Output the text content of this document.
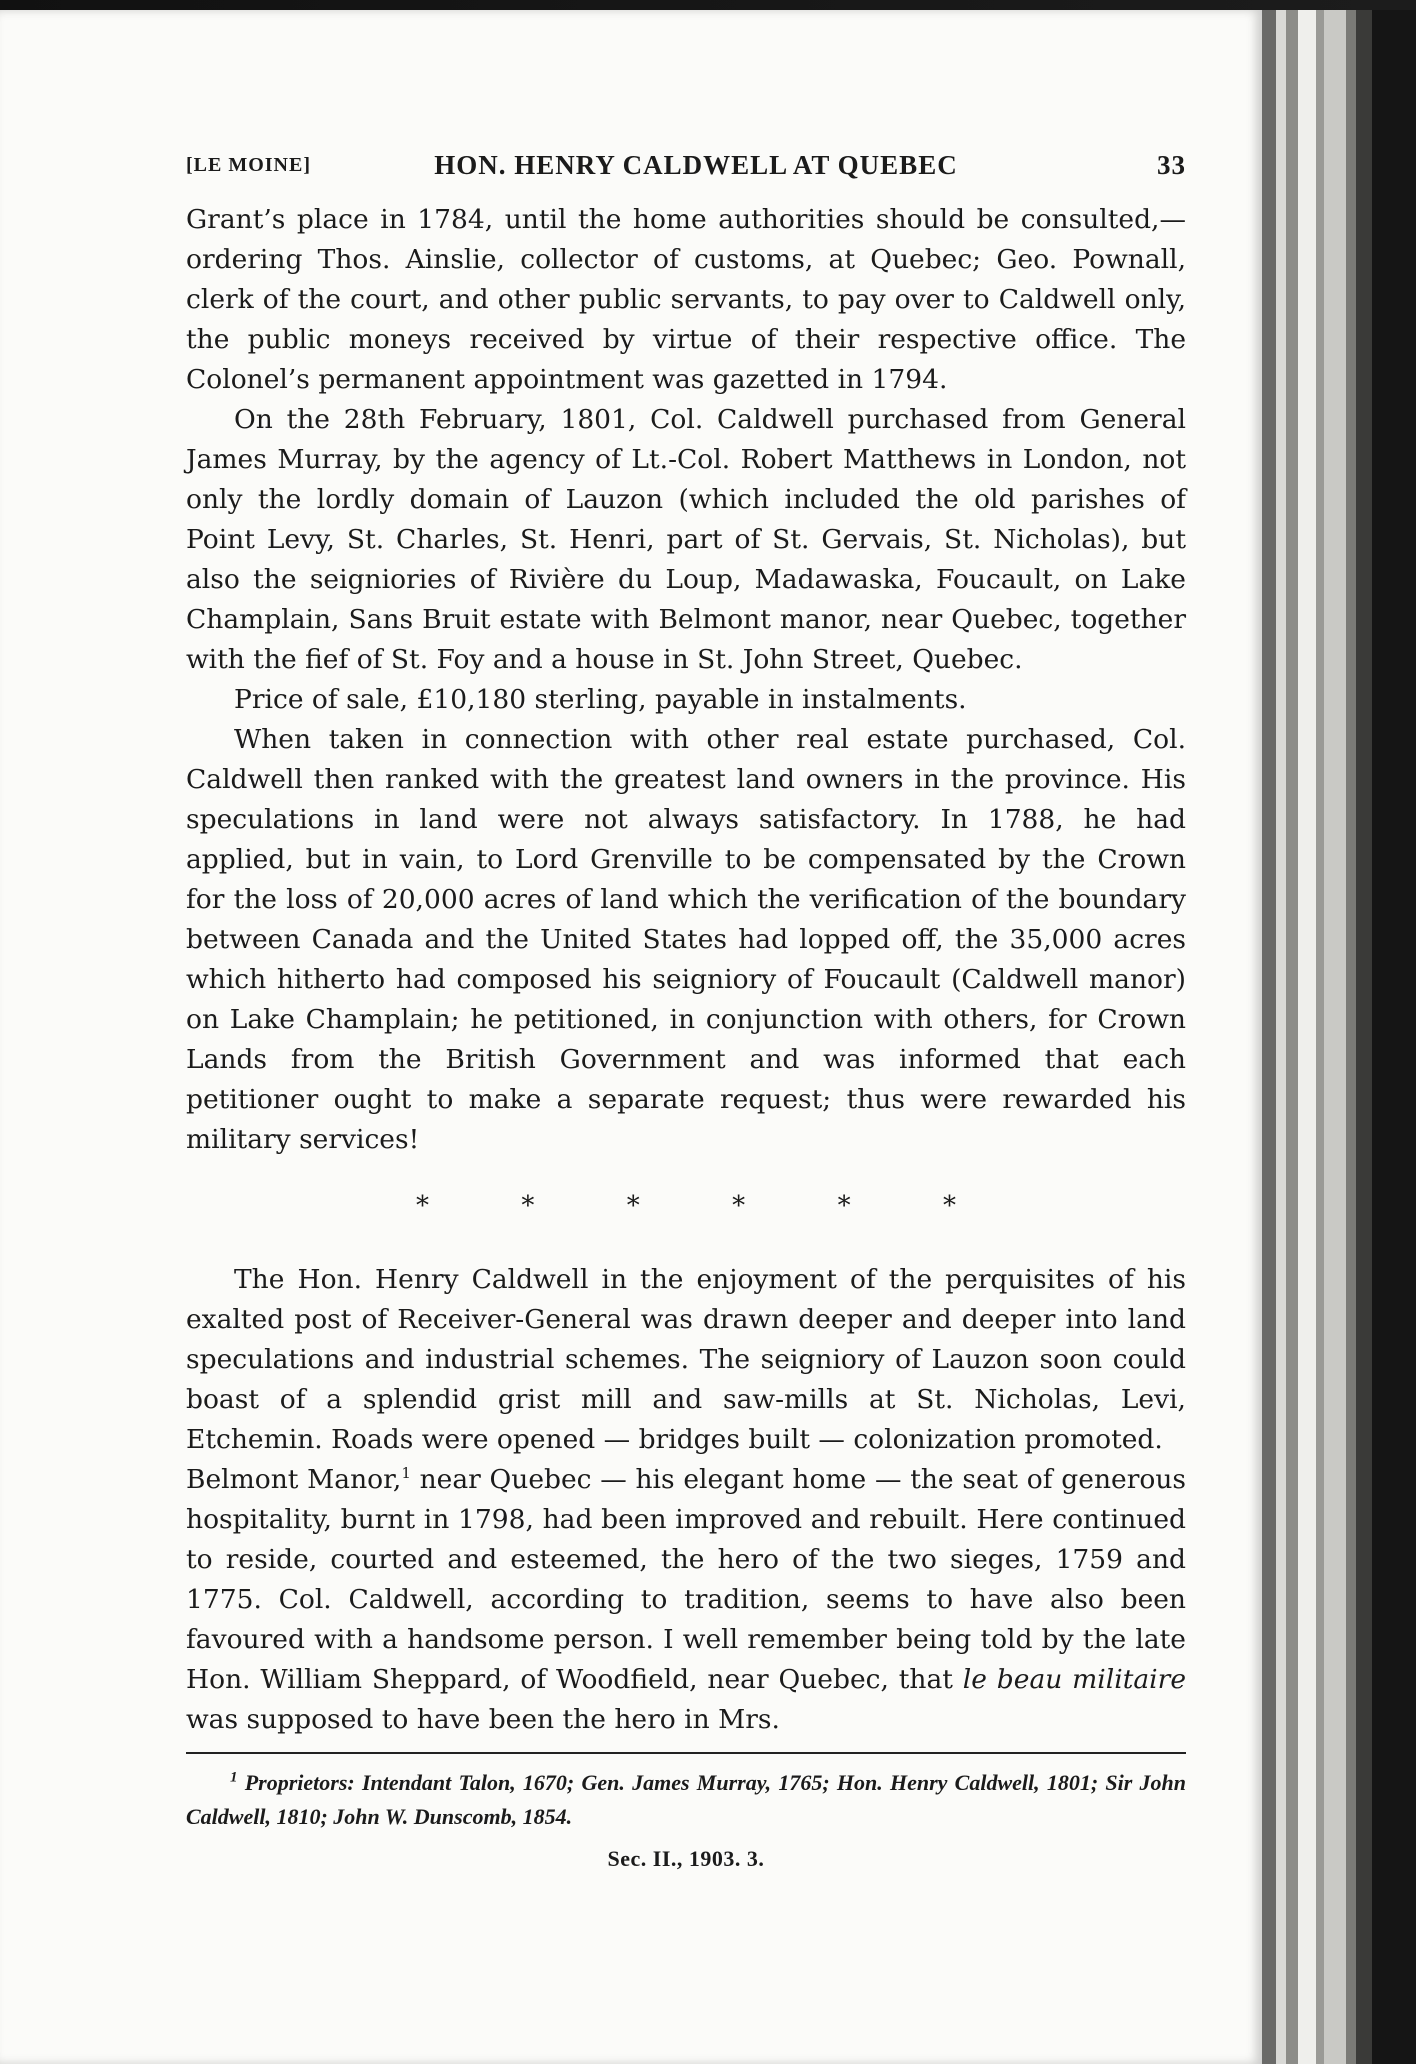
[LE MOINE]	HON. HENRY CALDWELL AT QUEBEC	33

Grant’s place in 1784, until the home authorities should be consulted,— ordering Thos. Ainslie, collector of customs, at Quebec; Geo. Pownall, clerk of the court, and other public servants, to pay over to Caldwell only, the public moneys received by virtue of their respective office. The Colonel’s permanent appointment was gazetted in 1794.

On the 28th February, 1801, Col. Caldwell purchased from General James Murray, by the agency of Lt.-Col. Robert Matthews in London, not only the lordly domain of Lauzon (which included the old parishes of Point Levy, St. Charles, St. Henri, part of St. Gervais, St. Nicholas), but also the seigniories of Rivière du Loup, Madawaska, Foucault, on Lake Champlain, Sans Bruit estate with Belmont manor, near Quebec, together with the fief of St. Foy and a house in St. John Street, Quebec.

Price of sale, £10,180 sterling, payable in instalments.

When taken in connection with other real estate purchased, Col. Caldwell then ranked with the greatest land owners in the province. His speculations in land were not always satisfactory. In 1788, he had applied, but in vain, to Lord Grenville to be compensated by the Crown for the loss of 20,000 acres of land which the verification of the boundary between Canada and the United States had lopped off, the 35,000 acres which hitherto had composed his seigniory of Foucault (Caldwell manor) on Lake Champlain; he petitioned, in conjunction with others, for Crown Lands from the British Government and was informed that each petitioner ought to make a separate request; thus were rewarded his military services!

*	*	*	*	*	*

The Hon. Henry Caldwell in the enjoyment of the perquisites of his exalted post of Receiver-General was drawn deeper and deeper into land speculations and industrial schemes. The seigniory of Lauzon soon could boast of a splendid grist mill and saw-mills at St. Nicholas, Levi, Etchemin. Roads were opened — bridges built — colonization promoted.

Belmont Manor,$^1$ near Quebec — his elegant home — the seat of generous hospitality, burnt in 1798, had been improved and rebuilt. Here continued to reside, courted and esteemed, the hero of the two sieges, 1759 and 1775. Col. Caldwell, according to tradition, seems to have also been favoured with a handsome person. I well remember being told by the late Hon. William Sheppard, of Woodfield, near Quebec, that le beau militaire was supposed to have been the hero in Mrs.

$^1$ Proprietors: Intendant Talon, 1670; Gen. James Murray, 1765; Hon. Henry Caldwell, 1801; Sir John Caldwell, 1810; John W. Dunscomb, 1854.
Sec. II., 1903. 3.
